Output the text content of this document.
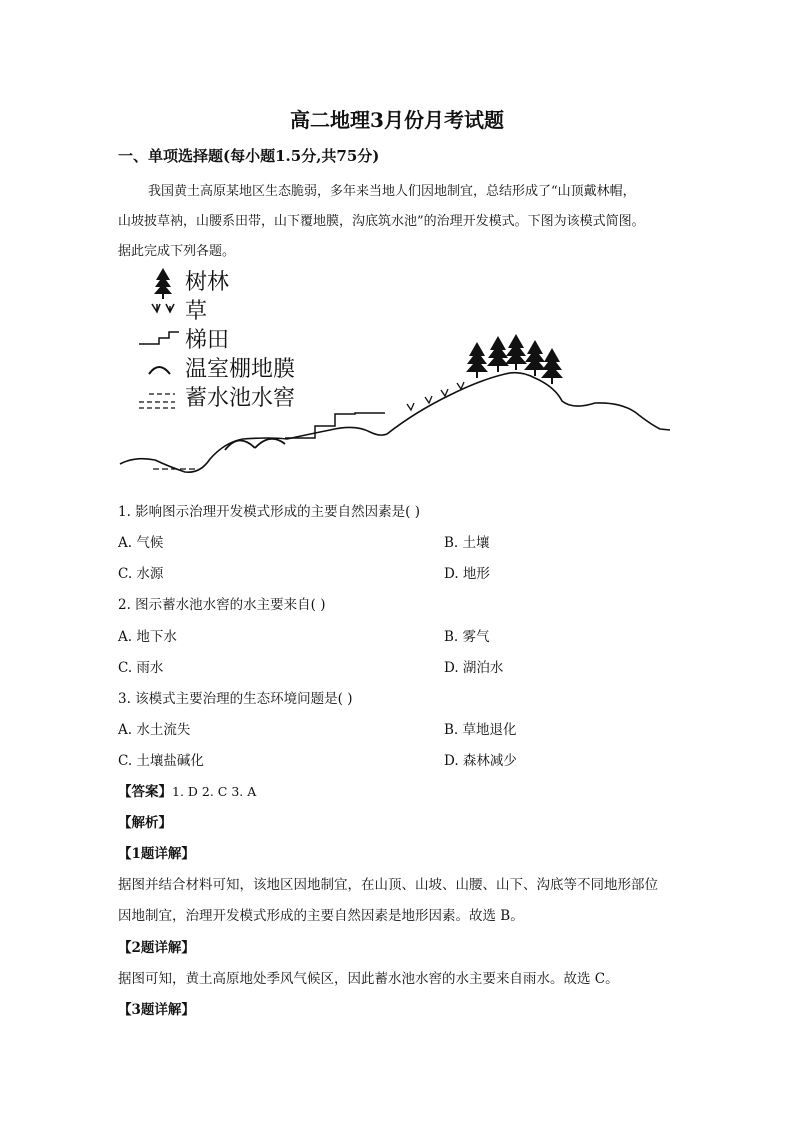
高二地理3月份月考试题
一、单项选择题(每小题1.5分,共75分)
我国黄土高原某地区生态脆弱，多年来当地人们因地制宜，总结形成了“山顶戴林帽，
山坡披草衲，山腰系田带，山下覆地膜，沟底筑水池”的治理开发模式。下图为该模式简图。
据此完成下列各题。
树林
草
梯田
温室棚地膜
蓄水池水窖
1. 影响图示治理开发模式形成的主要自然因素是( )
A. 气候	B. 土壤
C. 水源	D. 地形
2. 图示蓄水池水窖的水主要来自( )
A. 地下水	B. 雾气
C. 雨水	D. 湖泊水
3. 该模式主要治理的生态环境问题是( )
A. 水土流失	B. 草地退化
C. 土壤盐碱化	D. 森林减少
【答案】1. D 2. C 3. A
【解析】
【1题详解】
据图并结合材料可知，该地区因地制宜，在山顶、山坡、山腰、山下、沟底等不同地形部位
因地制宜，治理开发模式形成的主要自然因素是地形因素。故选 B。
【2题详解】
据图可知，黄土高原地处季风气候区，因此蓄水池水窖的水主要来自雨水。故选 C。
【3题详解】
